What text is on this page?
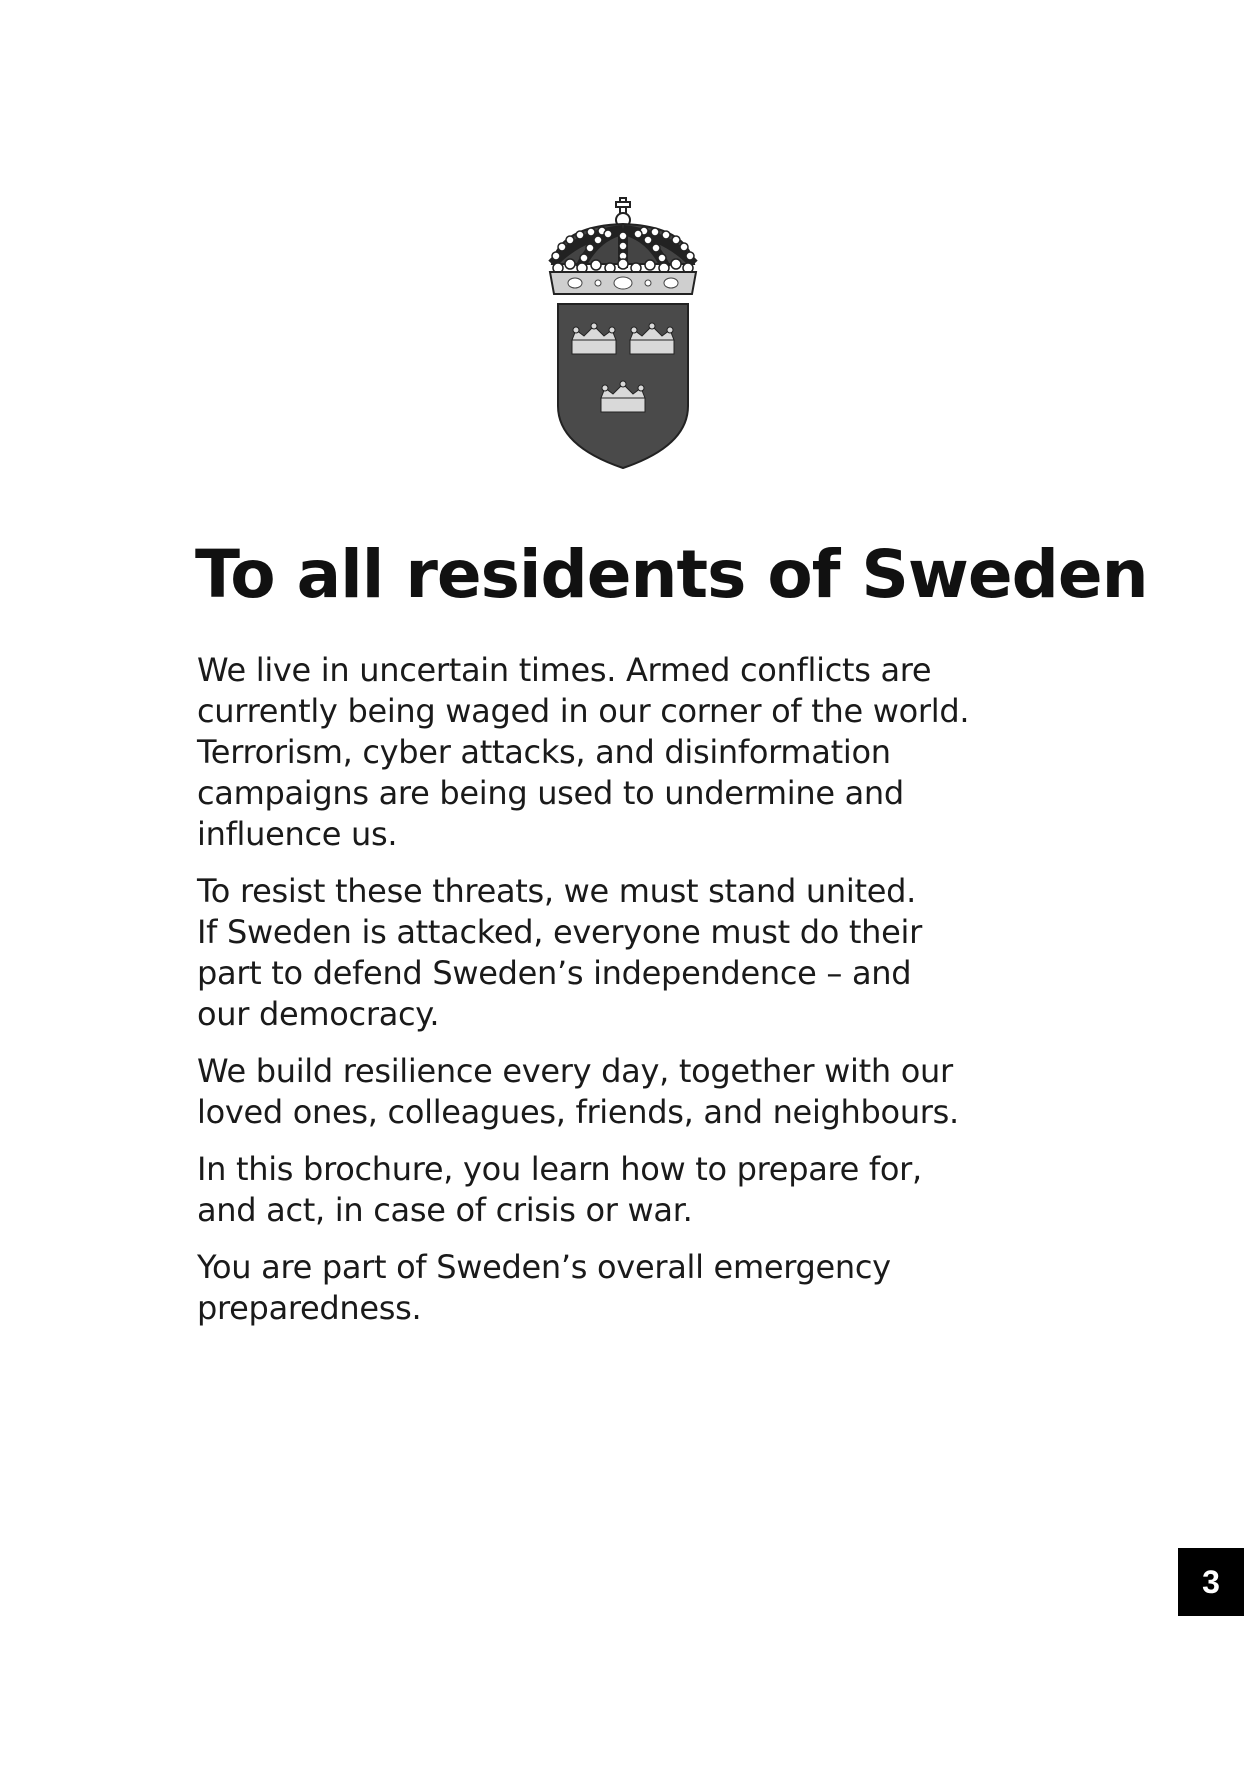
To all residents of Sweden

We live in uncertain times. Armed conflicts are
currently being waged in our corner of the world.
Terrorism, cyber attacks, and disinformation
campaigns are being used to undermine and
influence us.

To resist these threats, we must stand united.
If Sweden is attacked, everyone must do their
part to defend Sweden’s independence – and
our democracy.

We build resilience every day, together with our
loved ones, colleagues, friends, and neighbours.

In this brochure, you learn how to prepare for,
and act, in case of crisis or war.

You are part of Sweden’s overall emergency
preparedness.

3
